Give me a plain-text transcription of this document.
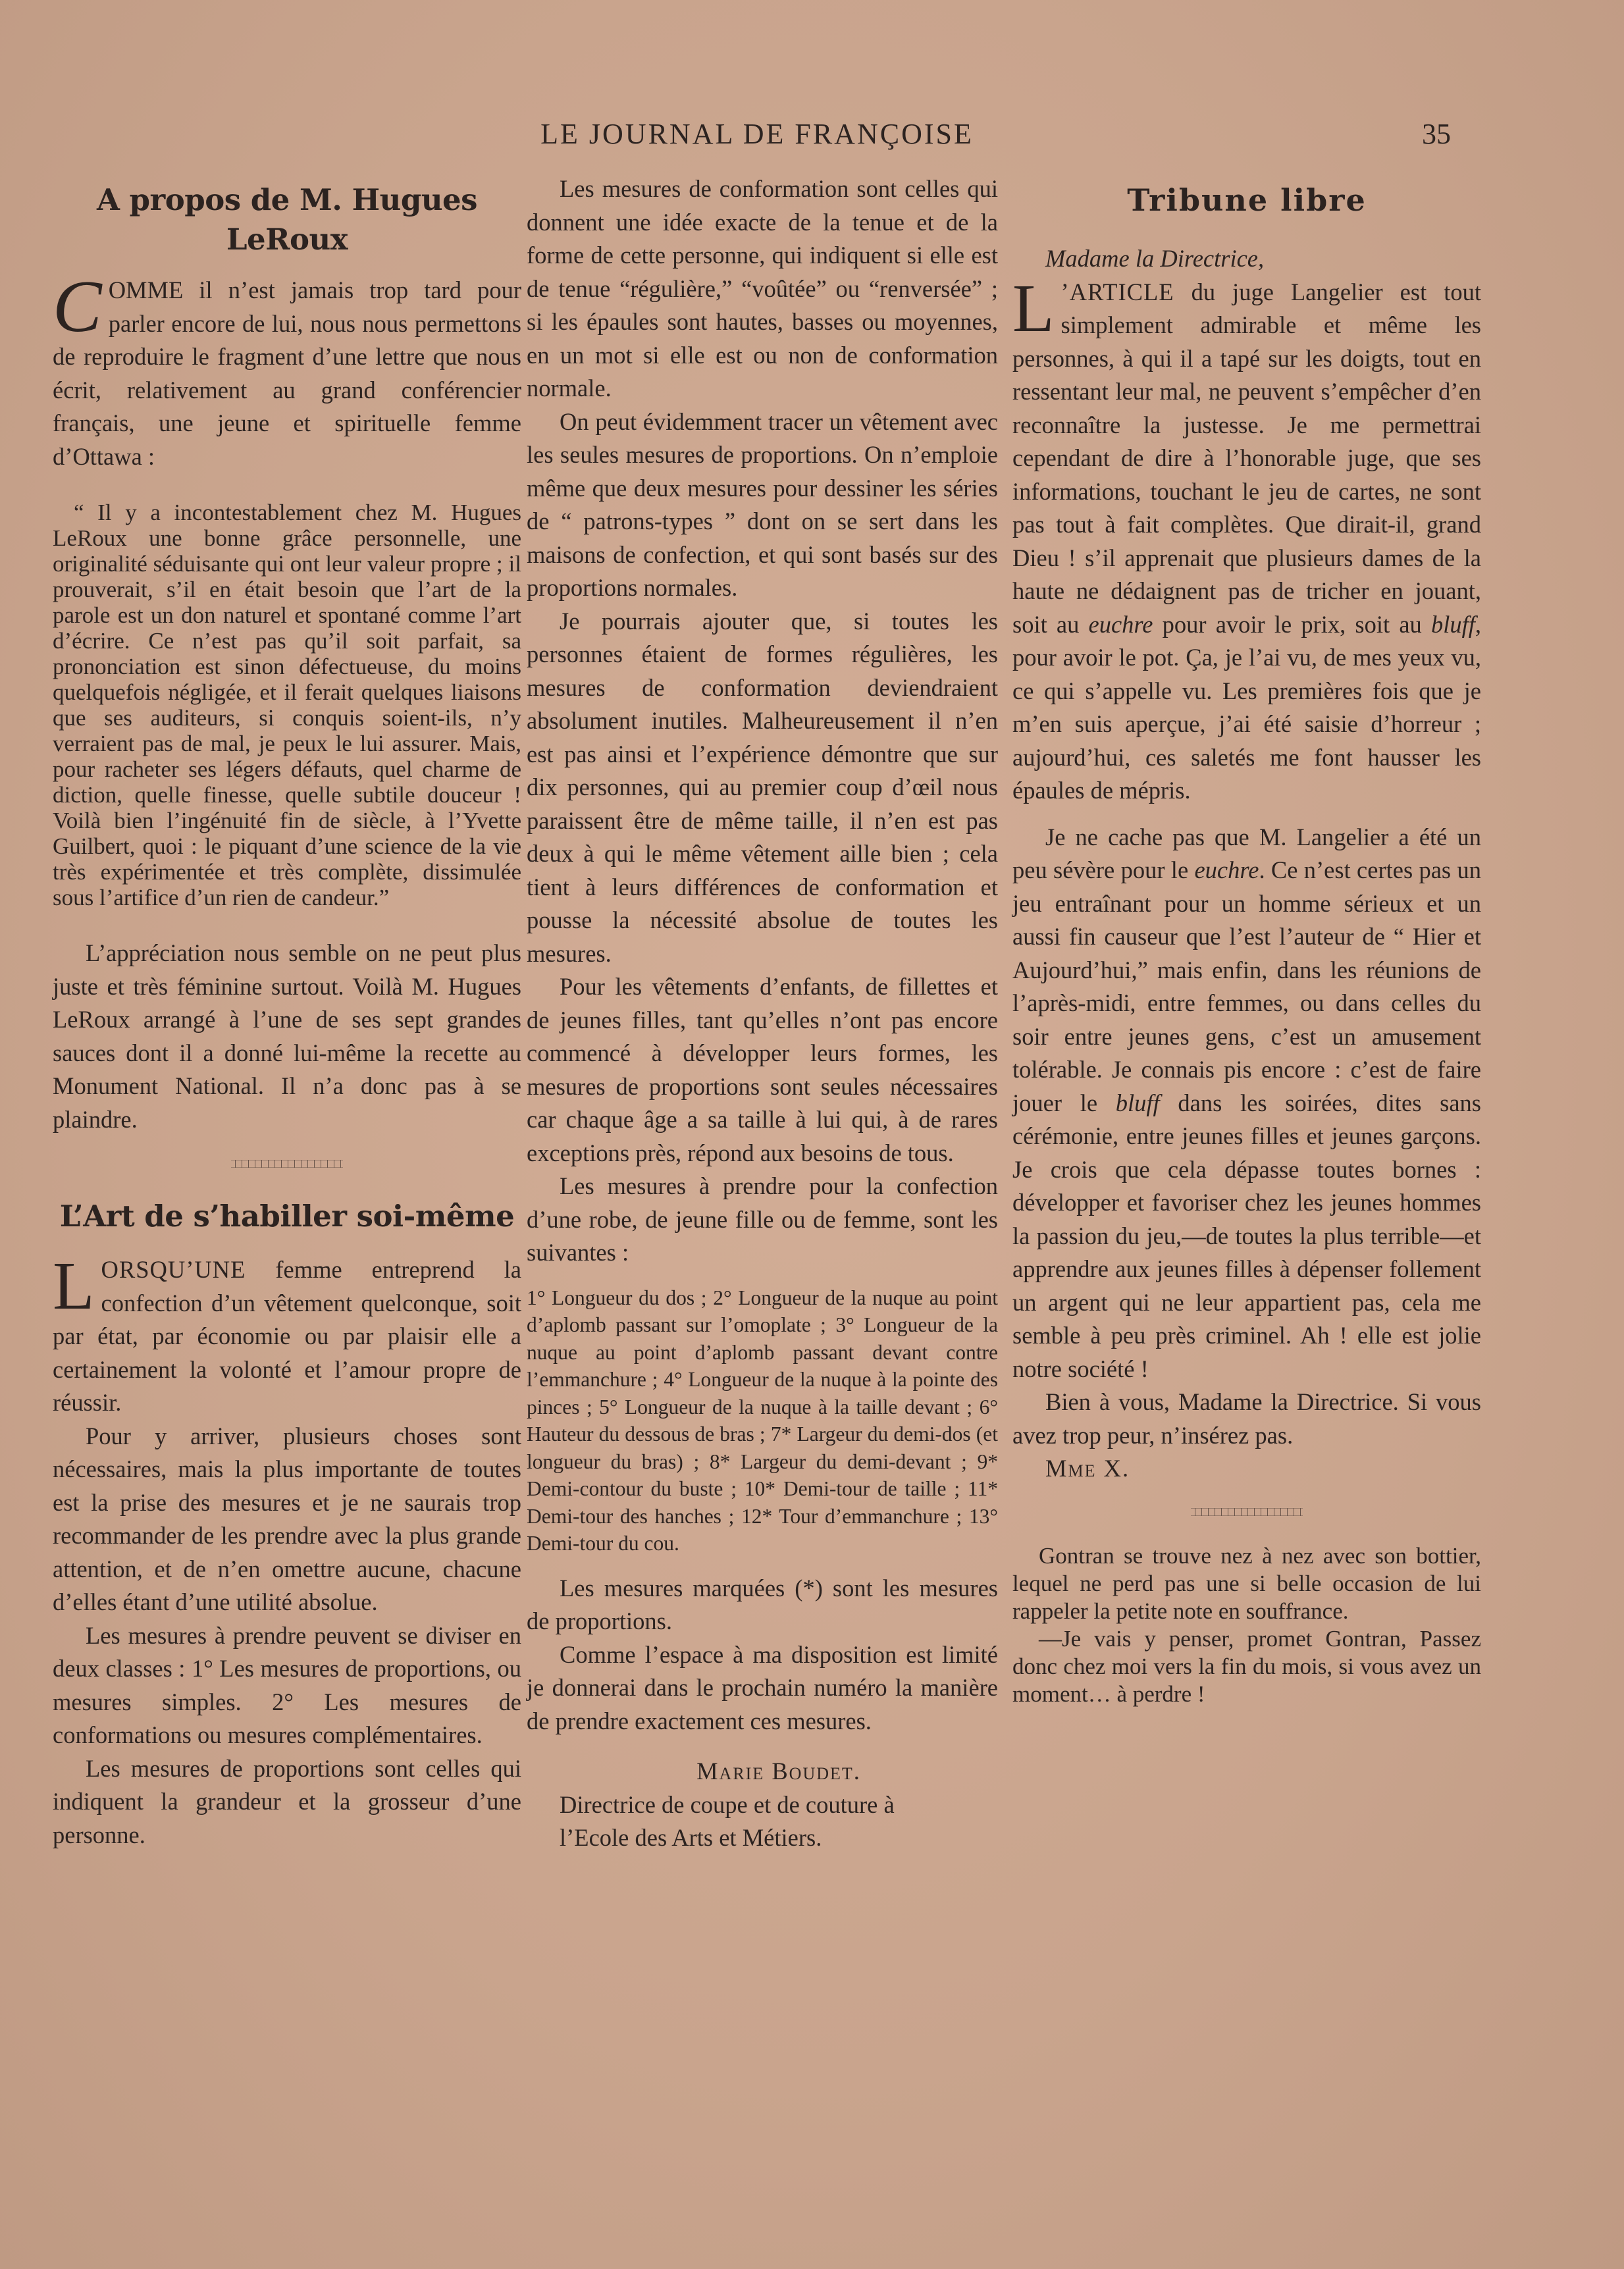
LE JOURNAL DE FRANÇOISE	35
A propos de M. Hugues LeRoux

COMME il n’est jamais trop tard pour parler encore de lui, nous nous permettons de reproduire le fragment d’une lettre que nous écrit, relativement au grand conférencier français, une jeune et spirituelle femme d’Ottawa :

“ Il y a incontestablement chez M. Hugues LeRoux une bonne grâce personnelle, une originalité séduisante qui ont leur valeur propre ; il prouverait, s’il en était besoin que l’art de la parole est un don naturel et spontané comme l’art d’écrire. Ce n’est pas qu’il soit parfait, sa prononciation est sinon défectueuse, du moins quelquefois négligée, et il ferait quelques liaisons que ses auditeurs, si conquis soient-ils, n’y verraient pas de mal, je peux le lui assurer. Mais, pour racheter ses légers défauts, quel charme de diction, quelle finesse, quelle subtile douceur ! Voilà bien l’ingénuité fin de siècle, à l’Yvette Guilbert, quoi : le piquant d’une science de la vie très expérimentée et très complète, dissimulée sous l’artifice d’un rien de candeur.”

L’appréciation nous semble on ne peut plus juste et très féminine surtout. Voilà M. Hugues LeRoux arrangé à l’une de ses sept grandes sauces dont il a donné lui-même la recette au Monument National. Il n’a donc pas à se plaindre.

L’Art de s’habiller soi-même

LORSQU’UNE femme entreprend la confection d’un vêtement quelconque, soit par état, par économie ou par plaisir elle a certainement la volonté et l’amour propre de réussir.

Pour y arriver, plusieurs choses sont nécessaires, mais la plus importante de toutes est la prise des mesures et je ne saurais trop recommander de les prendre avec la plus grande attention, et de n’en omettre aucune, chacune d’elles étant d’une utilité absolue.

Les mesures à prendre peuvent se diviser en deux classes : 1° Les mesures de proportions, ou mesures simples. 2° Les mesures de conformations ou mesures complémentaires.

Les mesures de proportions sont celles qui indiquent la grandeur et la grosseur d’une personne.

Les mesures de conformation sont celles qui donnent une idée exacte de la tenue et de la forme de cette personne, qui indiquent si elle est de tenue “régulière,” “voûtée” ou “renversée” ; si les épaules sont hautes, basses ou moyennes, en un mot si elle est ou non de conformation normale.

On peut évidemment tracer un vêtement avec les seules mesures de proportions. On n’emploie même que deux mesures pour dessiner les séries de “ patrons-types ” dont on se sert dans les maisons de confection, et qui sont basés sur des proportions normales.

Je pourrais ajouter que, si toutes les personnes étaient de formes régulières, les mesures de conformation deviendraient absolument inutiles. Malheureusement il n’en est pas ainsi et l’expérience démontre que sur dix personnes, qui au premier coup d’œil nous paraissent être de même taille, il n’en est pas deux à qui le même vêtement aille bien ; cela tient à leurs différences de conformation et pousse la nécessité absolue de toutes les mesures.

Pour les vêtements d’enfants, de fillettes et de jeunes filles, tant qu’elles n’ont pas encore commencé à développer leurs formes, les mesures de proportions sont seules nécessaires car chaque âge a sa taille à lui qui, à de rares exceptions près, répond aux besoins de tous.

Les mesures à prendre pour la confection d’une robe, de jeune fille ou de femme, sont les suivantes :

1° Longueur du dos ; 2° Longueur de la nuque au point d’aplomb passant sur l’omoplate ; 3° Longueur de la nuque au point d’aplomb passant devant contre l’emmanchure ; 4° Longueur de la nuque à la pointe des pinces ; 5° Longueur de la nuque à la taille devant ; 6° Hauteur du dessous de bras ; 7* Largeur du demi-dos (et longueur du bras) ; 8* Largeur du demi-devant ; 9* Demi-contour du buste ; 10* Demi-tour de taille ; 11* Demi-tour des hanches ; 12* Tour d’emmanchure ; 13° Demi-tour du cou.

Les mesures marquées (*) sont les mesures de proportions.

Comme l’espace à ma disposition est limité je donnerai dans le prochain numéro la manière de prendre exactement ces mesures.

Marie Boudet.

Directrice de coupe et de couture à

l’Ecole des Arts et Métiers.

Tribune libre

Madame la Directrice,

L ’ARTICLE du juge Langelier est tout simplement admirable et même les personnes, à qui il a tapé sur les doigts, tout en ressentant leur mal, ne peuvent s’empêcher d’en reconnaître la justesse. Je me permettrai cependant de dire à l’honorable juge, que ses informations, touchant le jeu de cartes, ne sont pas tout à fait complètes. Que dirait-il, grand Dieu ! s’il apprenait que plusieurs dames de la haute ne dédaignent pas de tricher en jouant, soit au euchre pour avoir le prix, soit au bluff, pour avoir le pot. Ça, je l’ai vu, de mes yeux vu, ce qui s’appelle vu. Les premières fois que je m’en suis aperçue, j’ai été saisie d’horreur ; aujourd’hui, ces saletés me font hausser les épaules de mépris.

Je ne cache pas que M. Langelier a été un peu sévère pour le euchre. Ce n’est certes pas un jeu entraînant pour un homme sérieux et un aussi fin causeur que l’est l’auteur de “ Hier et Aujourd’hui,” mais enfin, dans les réunions de l’après-midi, entre femmes, ou dans celles du soir entre jeunes gens, c’est un amusement tolérable. Je connais pis encore : c’est de faire jouer le bluff dans les soirées, dites sans cérémonie, entre jeunes filles et jeunes garçons. Je crois que cela dépasse toutes bornes : développer et favoriser chez les jeunes hommes la passion du jeu,—de toutes la plus terrible—et apprendre aux jeunes filles à dépenser follement un argent qui ne leur appartient pas, cela me semble à peu près criminel. Ah ! elle est jolie notre société !

Bien à vous, Madame la Directrice. Si vous avez trop peur, n’insérez pas.

Mme X.

Gontran se trouve nez à nez avec son bottier, lequel ne perd pas une si belle occasion de lui rappeler la petite note en souffrance.

—Je vais y penser, promet Gontran, Passez donc chez moi vers la fin du mois, si vous avez un moment… à perdre !
